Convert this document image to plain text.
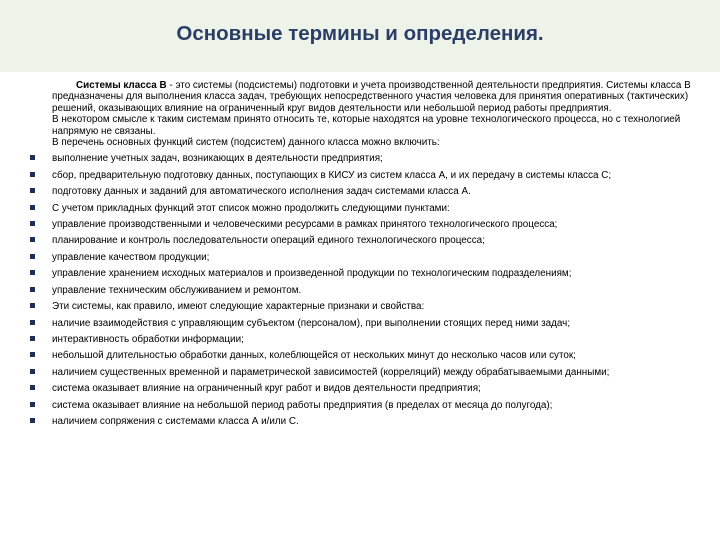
Основные термины и определения.

Системы класса В - это системы (подсистемы) подготовки и учета производственной деятельности предприятия. Системы класса В предназначены для выполнения класса задач, требующих непосредственного участия человека для принятия оперативных (тактических) решений, оказывающих влияние на ограниченный круг видов деятельности или небольшой период работы предприятия.

В некотором смысле к таким системам принято относить те, которые находятся на уровне технологического процесса, но с технологией напрямую не связаны.

В перечень основных функций систем (подсистем) данного класса можно включить:

выполнение учетных задач, возникающих в деятельности предприятия;
сбор, предварительную подготовку данных, поступающих в КИСУ из систем класса А, и их передачу в системы класса С;
подготовку данных и заданий для автоматического исполнения задач системами класса А.
С учетом прикладных функций этот список можно продолжить следующими пунктами:
управление производственными и человеческими ресурсами в рамках принятого технологического процесса;
планирование и контроль последовательности операций единого технологического процесса;
управление качеством продукции;
управление хранением исходных материалов и произведенной продукции по технологическим подразделениям;
управление техническим обслуживанием и ремонтом.
Эти системы, как правило, имеют следующие характерные признаки и свойства:
наличие взаимодействия с управляющим субъектом (персоналом), при выполнении стоящих перед ними задач;
интерактивность обработки информации;
небольшой длительностью обработки данных, колеблющейся от нескольких минут до несколько часов или суток;
наличием существенных временной и параметрической зависимостей (корреляций) между обрабатываемыми данными;
система оказывает влияние на ограниченный круг работ и видов деятельности предприятия;
система оказывает влияние на небольшой период работы предприятия (в пределах от месяца до полугода);
наличием сопряжения с системами класса А и/или С.
